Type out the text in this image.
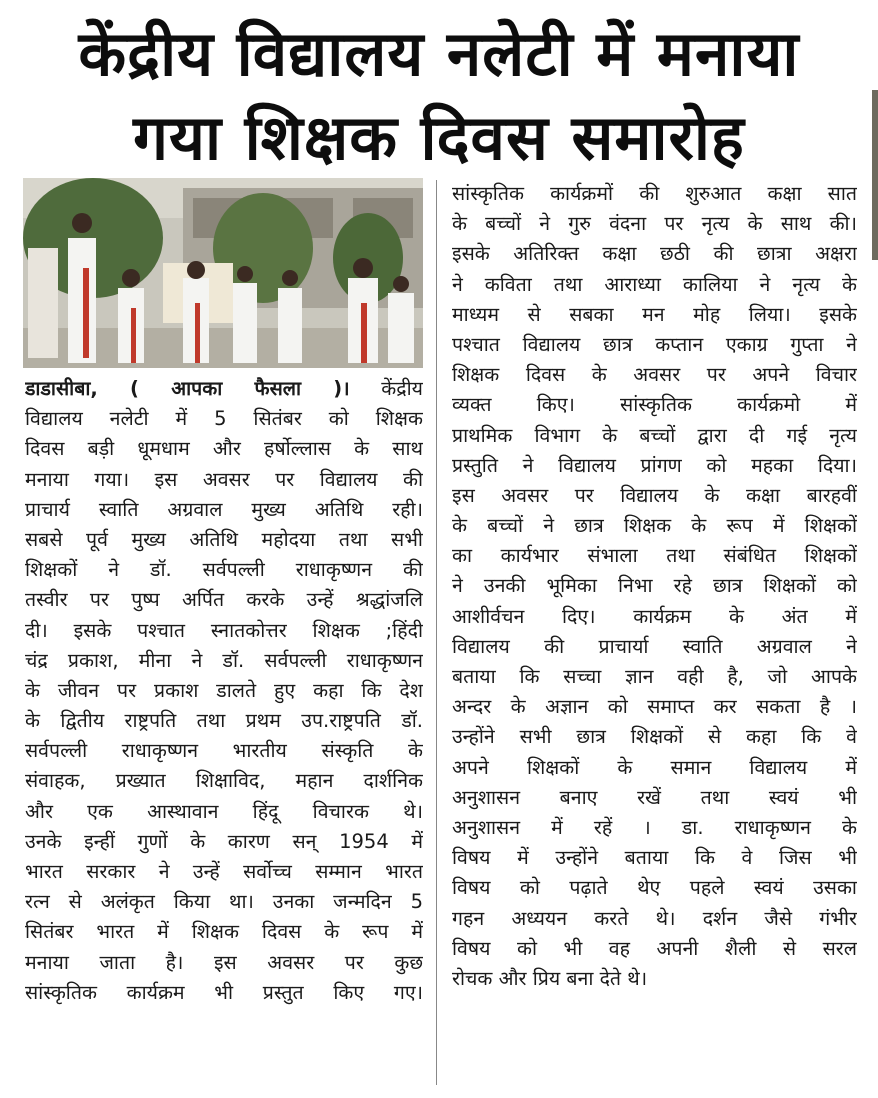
केंद्रीय विद्यालय नलेटी में मनाया
गया शिक्षक दिवस समारोह
डाडासीबा, ( आपका फैसला )। केंद्रीय
विद्यालय नलेटी में 5 सितंबर को शिक्षक
दिवस बड़ी धूमधाम और हर्षोल्लास के साथ
मनाया गया। इस अवसर पर विद्यालय की
प्राचार्य स्वाति अग्रवाल मुख्य अतिथि रही।
सबसे पूर्व मुख्य अतिथि महोदया तथा सभी
शिक्षकों ने डॉ. सर्वपल्ली राधाकृष्णन की
तस्वीर पर पुष्प अर्पित करके उन्हें श्रद्धांजलि
दी। इसके पश्चात स्नातकोत्तर शिक्षक ;हिंदी
चंद्र प्रकाश, मीना ने डॉ. सर्वपल्ली राधाकृष्णन
के जीवन पर प्रकाश डालते हुए कहा कि देश
के द्वितीय राष्ट्रपति तथा प्रथम उप.राष्ट्रपति डॉ.
सर्वपल्ली राधाकृष्णन भारतीय संस्कृति के
संवाहक, प्रख्यात शिक्षाविद, महान दार्शनिक
और एक आस्थावान हिंदू विचारक थे।
उनके इन्हीं गुणों के कारण सन् 1954 में
भारत सरकार ने उन्हें सर्वोच्च सम्मान भारत
रत्न से अलंकृत किया था। उनका जन्मदिन 5
सितंबर भारत में शिक्षक दिवस के रूप में
मनाया जाता है। इस अवसर पर कुछ
सांस्कृतिक कार्यक्रम भी प्रस्तुत किए गए।
सांस्कृतिक कार्यक्रमों की शुरुआत कक्षा सात
के बच्चों ने गुरु वंदना पर नृत्य के साथ की।
इसके अतिरिक्त कक्षा छठी की छात्रा अक्षरा
ने कविता तथा आराध्या कालिया ने नृत्य के
माध्यम से सबका मन मोह लिया। इसके
पश्चात विद्यालय छात्र कप्तान एकाग्र गुप्ता ने
शिक्षक दिवस के अवसर पर अपने विचार
व्यक्त किए। सांस्कृतिक कार्यक्रमो में
प्राथमिक विभाग के बच्चों द्वारा दी गई नृत्य
प्रस्तुति ने विद्यालय प्रांगण को महका दिया।
इस अवसर पर विद्यालय के कक्षा बारहवीं
के बच्चों ने छात्र शिक्षक के रूप में शिक्षकों
का कार्यभार संभाला तथा संबंधित शिक्षकों
ने उनकी भूमिका निभा रहे छात्र शिक्षकों को
आशीर्वचन दिए। कार्यक्रम के अंत में
विद्यालय की प्राचार्या स्वाति अग्रवाल ने
बताया कि सच्चा ज्ञान वही है, जो आपके
अन्दर के अज्ञान को समाप्त कर सकता है ।
उन्होंने सभी छात्र शिक्षकों से कहा कि वे
अपने शिक्षकों के समान विद्यालय में
अनुशासन बनाए रखें तथा स्वयं भी
अनुशासन में रहें । डा. राधाकृष्णन के
विषय में उन्होंने बताया कि वे जिस भी
विषय को पढ़ाते थेए पहले स्वयं उसका
गहन अध्ययन करते थे। दर्शन जैसे गंभीर
विषय को भी वह अपनी शैली से सरल
रोचक और प्रिय बना देते थे।
